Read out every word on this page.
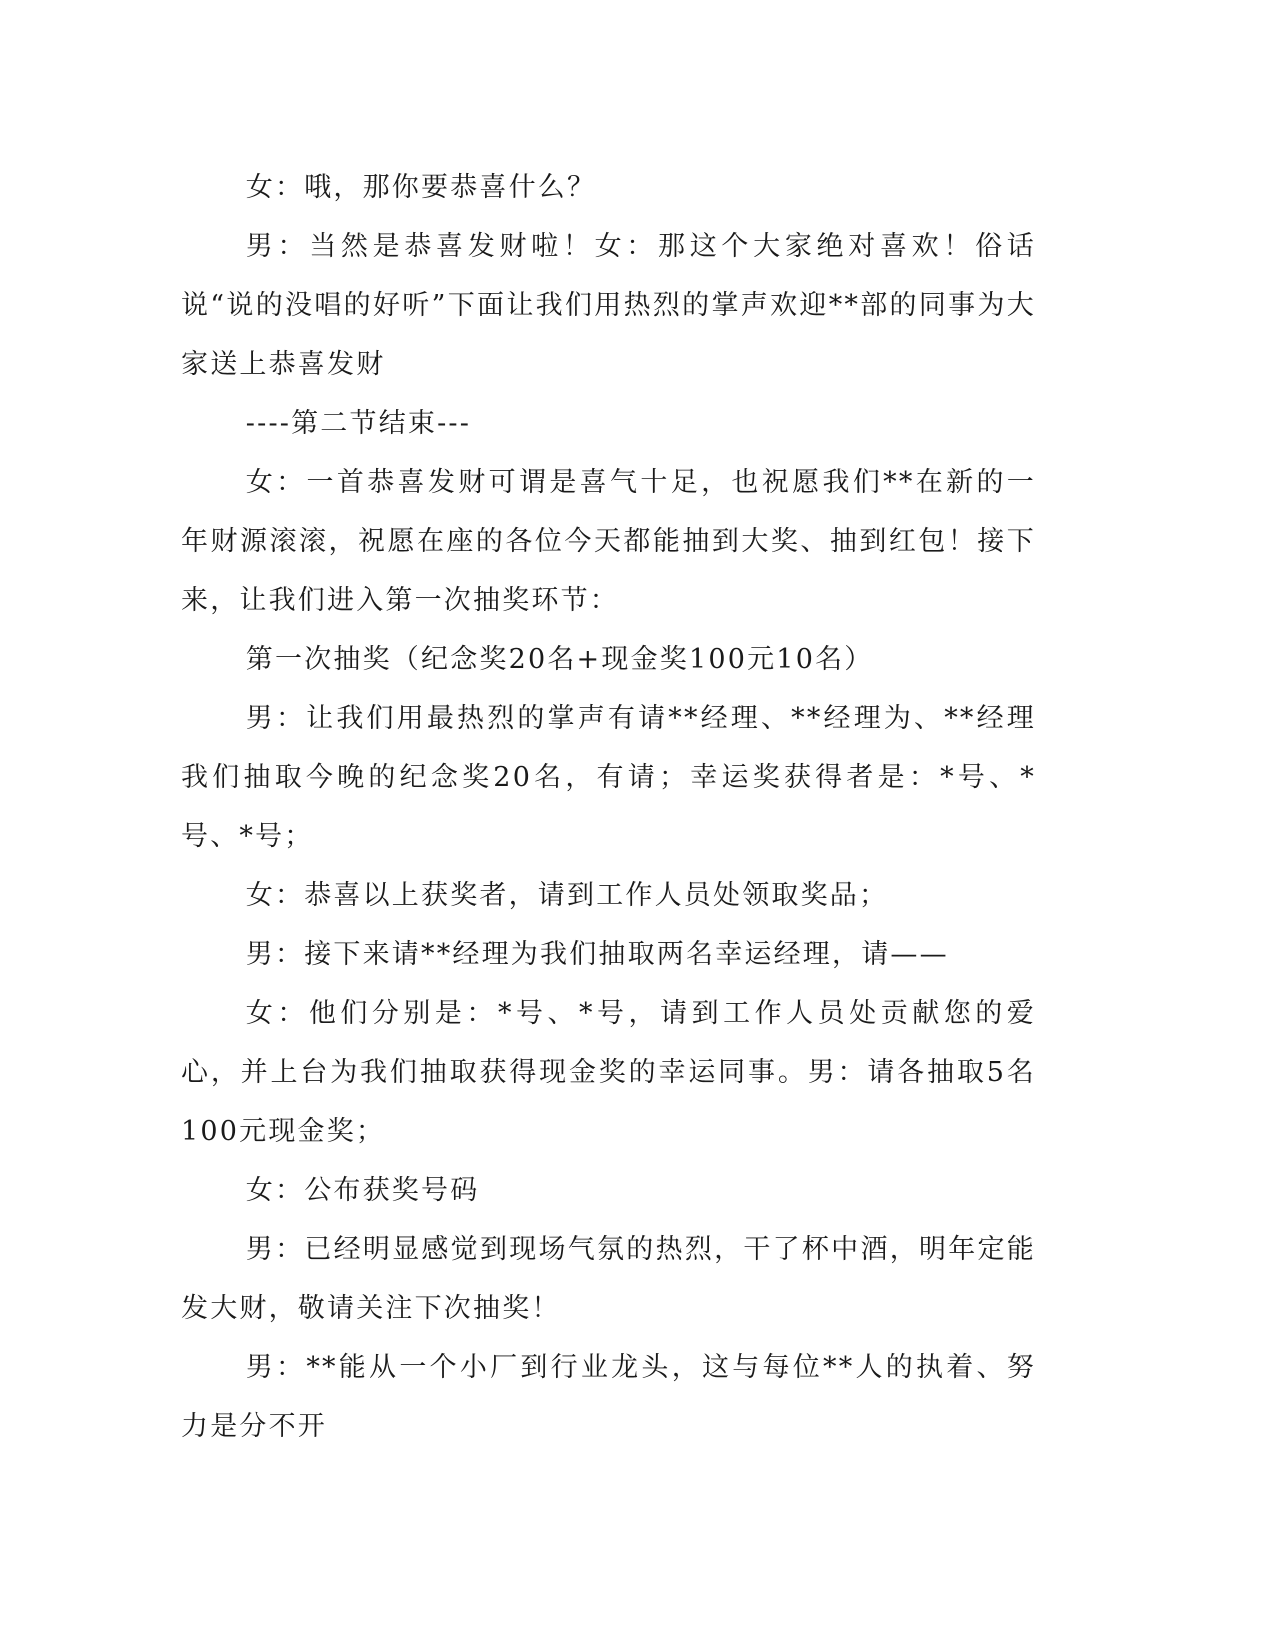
女：哦，那你要恭喜什么？

男：当然是恭喜发财啦！女：那这个大家绝对喜欢！俗话说“说的没唱的好听”下面让我们用热烈的掌声欢迎**部的同事为大家送上恭喜发财

----第二节结束---

女：一首恭喜发财可谓是喜气十足，也祝愿我们**在新的一年财源滚滚，祝愿在座的各位今天都能抽到大奖、抽到红包！接下来，让我们进入第一次抽奖环节：

第一次抽奖（纪念奖20名+现金奖100元10名）

男：让我们用最热烈的掌声有请**经理、**经理为、**经理我们抽取今晚的纪念奖20名，有请；幸运奖获得者是：*号、*号、*号；

女：恭喜以上获奖者，请到工作人员处领取奖品；

男：接下来请**经理为我们抽取两名幸运经理，请——

女：他们分别是：*号、*号，请到工作人员处贡献您的爱心，并上台为我们抽取获得现金奖的幸运同事。男：请各抽取5名100元现金奖；

女：公布获奖号码

男：已经明显感觉到现场气氛的热烈，干了杯中酒，明年定能发大财，敬请关注下次抽奖！

男：**能从一个小厂到行业龙头，这与每位**人的执着、努力是分不开
